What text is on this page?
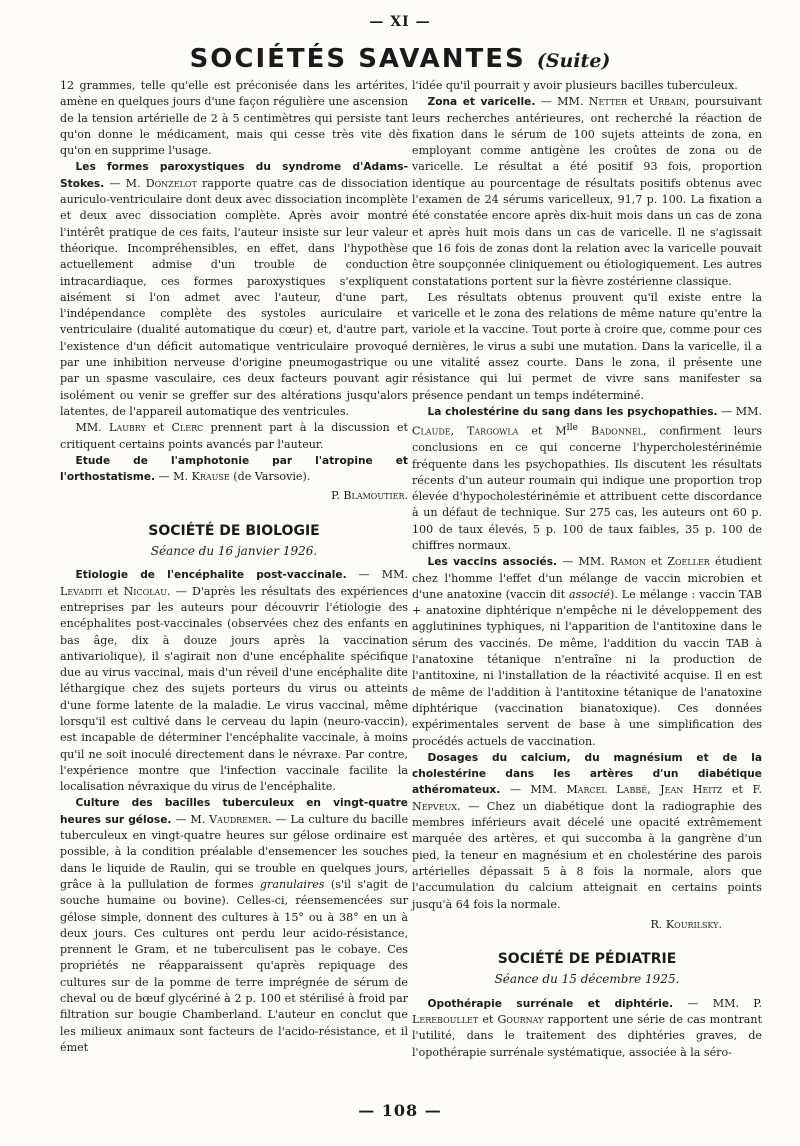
— XI —
SOCIÉTÉS SAVANTES (Suite)

12 grammes, telle qu'elle est préconisée dans les artérites, amène en quelques jours d'une façon régulière une ascension de la tension artérielle de 2 à 5 centimètres qui persiste tant qu'on donne le médicament, mais qui cesse très vite dès qu'on en supprime l'usage.

Les formes paroxystiques du syndrome d'Adams-Stokes. — M. Donzelot rapporte quatre cas de dissociation auriculo-ventriculaire dont deux avec dissociation incomplète et deux avec dissociation complète. Après avoir montré l'intérêt pratique de ces faits, l'auteur insiste sur leur valeur théorique. Incompréhensibles, en effet, dans l'hypothèse actuellement admise d'un trouble de conduction intracardiaque, ces formes paroxystiques s'expliquent aisément si l'on admet avec l'auteur, d'une part, l'indépendance complète des systoles auriculaire et ventriculaire (dualité automatique du cœur) et, d'autre part, l'existence d'un déficit automatique ventriculaire provoqué par une inhibition nerveuse d'origine pneumogastrique ou par un spasme vasculaire, ces deux facteurs pouvant agir isolément ou venir se greffer sur des altérations jusqu'alors latentes, de l'appareil automatique des ventricules.

MM. Laubry et Clerc prennent part à la discussion et critiquent certains points avancés par l'auteur.

Etude de l'amphotonie par l'atropine et l'orthostatisme. — M. Krause (de Varsovie).

P. Blamoutier.

SOCIÉTÉ DE BIOLOGIE

Séance du 16 janvier 1926.

Etiologie de l'encéphalite post-vaccinale. — MM. Levaditi et Nicolau. — D'après les résultats des expériences entreprises par les auteurs pour découvrir l'étiologie des encéphalites post-vaccinales (observées chez des enfants en bas âge, dix à douze jours après la vaccination antivariolique), il s'agirait non d'une encéphalite spécifique due au virus vaccinal, mais d'un réveil d'une encéphalite dite léthargique chez des sujets porteurs du virus ou atteints d'une forme latente de la maladie. Le virus vaccinal, même lorsqu'il est cultivé dans le cerveau du lapin (neuro-vaccin), est incapable de déterminer l'encéphalite vaccinale, à moins qu'il ne soit inoculé directement dans le névraxe. Par contre, l'expérience montre que l'infection vaccinale facilite la localisation névraxique du virus de l'encéphalite.

Culture des bacilles tuberculeux en vingt-quatre heures sur gélose. — M. Vaudremer. — La culture du bacille tuberculeux en vingt-quatre heures sur gélose ordinaire est possible, à la condition préalable d'ensemencer les souches dans le liquide de Raulin, qui se trouble en quelques jours, grâce à la pullulation de formes granulaires (s'il s'agit de souche humaine ou bovine). Celles-ci, réensemencées sur gélose simple, donnent des cultures à 15° ou à 38° en un à deux jours. Ces cultures ont perdu leur acido-résistance, prennent le Gram, et ne tuberculisent pas le cobaye. Ces propriétés ne réapparaissent qu'après repiquage des cultures sur de la pomme de terre imprégnée de sérum de cheval ou de bœuf glycériné à 2 p. 100 et stérilisé à froid par filtration sur bougie Chamberland. L'auteur en conclut que les milieux animaux sont facteurs de l'acido-résistance, et il émet

l'idée qu'il pourrait y avoir plusieurs bacilles tuberculeux.

Zona et varicelle. — MM. Netter et Urbain, poursuivant leurs recherches antérieures, ont recherché la réaction de fixation dans le sérum de 100 sujets atteints de zona, en employant comme antigène les croûtes de zona ou de varicelle. Le résultat a été positif 93 fois, proportion identique au pourcentage de résultats positifs obtenus avec l'examen de 24 sérums varicelleux, 91,7 p. 100. La fixation a été constatée encore après dix-huit mois dans un cas de zona et après huit mois dans un cas de varicelle. Il ne s'agissait que 16 fois de zonas dont la relation avec la varicelle pouvait être soupçonnée cliniquement ou étiologiquement. Les autres constatations portent sur la fièvre zostérienne classique.

Les résultats obtenus prouvent qu'il existe entre la varicelle et le zona des relations de même nature qu'entre la variole et la vaccine. Tout porte à croire que, comme pour ces dernières, le virus a subi une mutation. Dans la varicelle, il a une vitalité assez courte. Dans le zona, il présente une résistance qui lui permet de vivre sans manifester sa présence pendant un temps indéterminé.

La cholestérine du sang dans les psychopathies. — MM. Claude, Targowla et $M^{lle}$ Badonnel, confirment leurs conclusions en ce qui concerne l'hypercholestérinémie fréquente dans les psychopathies. Ils discutent les résultats récents d'un auteur roumain qui indique une proportion trop élevée d'hypocholestérinémie et attribuent cette discordance à un défaut de technique. Sur 275 cas, les auteurs ont 60 p. 100 de taux élevés, 5 p. 100 de taux faibles, 35 p. 100 de chiffres normaux.

Les vaccins associés. — MM. Ramon et Zoeller étudient chez l'homme l'effet d'un mélange de vaccin microbien et d'une anatoxine (vaccin dit associé). Le mélange : vaccin TAB + anatoxine diphtérique n'empêche ni le développement des agglutinines typhiques, ni l'apparition de l'antitoxine dans le sérum des vaccinés. De même, l'addition du vaccin TAB à l'anatoxine tétanique n'entraîne ni la production de l'antitoxine, ni l'installation de la réactivité acquise. Il en est de même de l'addition à l'antitoxine tétanique de l'anatoxine diphtérique (vaccination bianatoxique). Ces données expérimentales servent de base à une simplification des procédés actuels de vaccination.

Dosages du calcium, du magnésium et de la cholestérine dans les artères d'un diabétique athéromateux. — MM. Marcel Labbé, Jean Heitz et F. Nepveux. — Chez un diabétique dont la radiographie des membres inférieurs avait décelé une opacité extrêmement marquée des artères, et qui succomba à la gangrène d'un pied, la teneur en magnésium et en cholestérine des parois artérielles dépassait 5 à 8 fois la normale, alors que l'accumulation du calcium atteignait en certains points jusqu'à 64 fois la normale.

R. Kourilsky.

SOCIÉTÉ DE PÉDIATRIE

Séance du 15 décembre 1925.

Opothérapie surrénale et diphtérie. — MM. P. Lereboullet et Gournay rapportent une série de cas montrant l'utilité, dans le traitement des diphtéries graves, de l'opothérapie surrénale systématique, associée à la séro-

— 108 —
